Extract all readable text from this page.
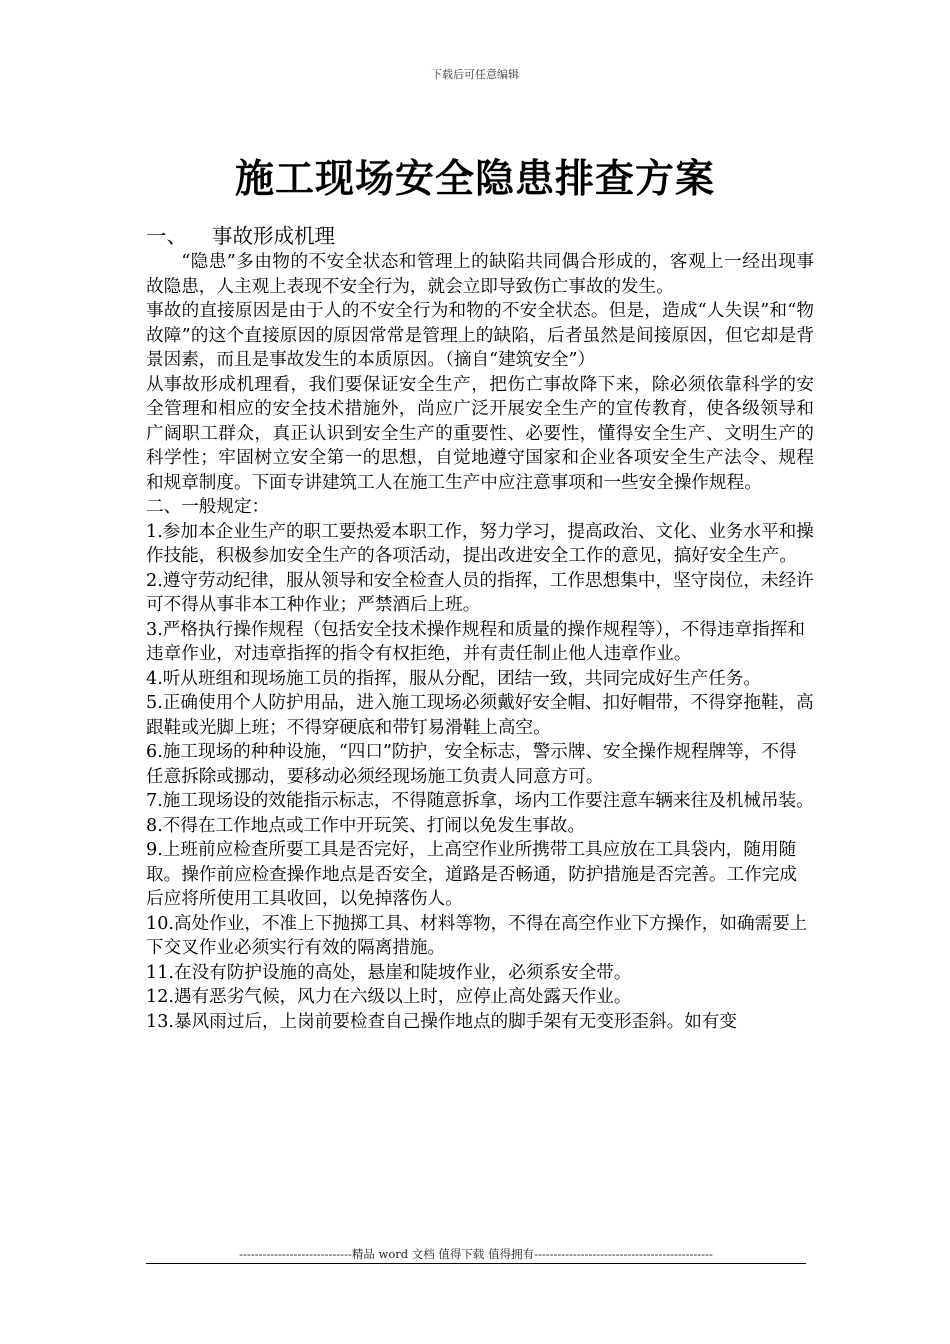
下载后可任意编辑
施工现场安全隐患排查方案
一、 事故形成机理

“隐患”多由物的不安全状态和管理上的缺陷共同偶合形成的，客观上一经出现事故隐患，人主观上表现不安全行为，就会立即导致伤亡事故的发生。

事故的直接原因是由于人的不安全行为和物的不安全状态。但是，造成“人失误”和“物故障”的这个直接原因的原因常常是管理上的缺陷，后者虽然是间接原因，但它却是背景因素，而且是事故发生的本质原因。（摘自“建筑安全”）

从事故形成机理看，我们要保证安全生产，把伤亡事故降下来，除必须依靠科学的安全管理和相应的安全技术措施外，尚应广泛开展安全生产的宣传教育，使各级领导和广阔职工群众，真正认识到安全生产的重要性、必要性，懂得安全生产、文明生产的科学性；牢固树立安全第一的思想，自觉地遵守国家和企业各项安全生产法令、规程和规章制度。下面专讲建筑工人在施工生产中应注意事项和一些安全操作规程。

二、一般规定：

1.参加本企业生产的职工要热爱本职工作，努力学习，提高政治、文化、业务水平和操作技能，积极参加安全生产的各项活动，提出改进安全工作的意见，搞好安全生产。

2.遵守劳动纪律，服从领导和安全检查人员的指挥，工作思想集中，坚守岗位，未经许可不得从事非本工种作业；严禁酒后上班。

3.严格执行操作规程（包括安全技术操作规程和质量的操作规程等），不得违章指挥和违章作业，对违章指挥的指令有权拒绝，并有责任制止他人违章作业。

4.听从班组和现场施工员的指挥，服从分配，团结一致，共同完成好生产任务。

5.正确使用个人防护用品，进入施工现场必须戴好安全帽、扣好帽带，不得穿拖鞋，高跟鞋或光脚上班；不得穿硬底和带钉易滑鞋上高空。

6.施工现场的种种设施，“四口”防护，安全标志，警示牌、安全操作规程牌等，不得任意拆除或挪动，要移动必须经现场施工负责人同意方可。

7.施工现场设的效能指示标志，不得随意拆拿，场内工作要注意车辆来往及机械吊装。

8.不得在工作地点或工作中开玩笑、打闹以免发生事故。

9.上班前应检查所要工具是否完好，上高空作业所携带工具应放在工具袋内，随用随取。操作前应检查操作地点是否安全，道路是否畅通，防护措施是否完善。工作完成后应将所使用工具收回，以免掉落伤人。

10.高处作业，不准上下抛掷工具、材料等物，不得在高空作业下方操作，如确需要上下交叉作业必须实行有效的隔离措施。

11.在没有防护设施的高处，悬崖和陡坡作业，必须系安全带。

12.遇有恶劣气候，风力在六级以上时，应停止高处露天作业。

13.暴风雨过后，上岗前要检查自己操作地点的脚手架有无变形歪斜。如有变

-----------------------------精品 word 文档 值得下载 值得拥有----------------------------------------------
